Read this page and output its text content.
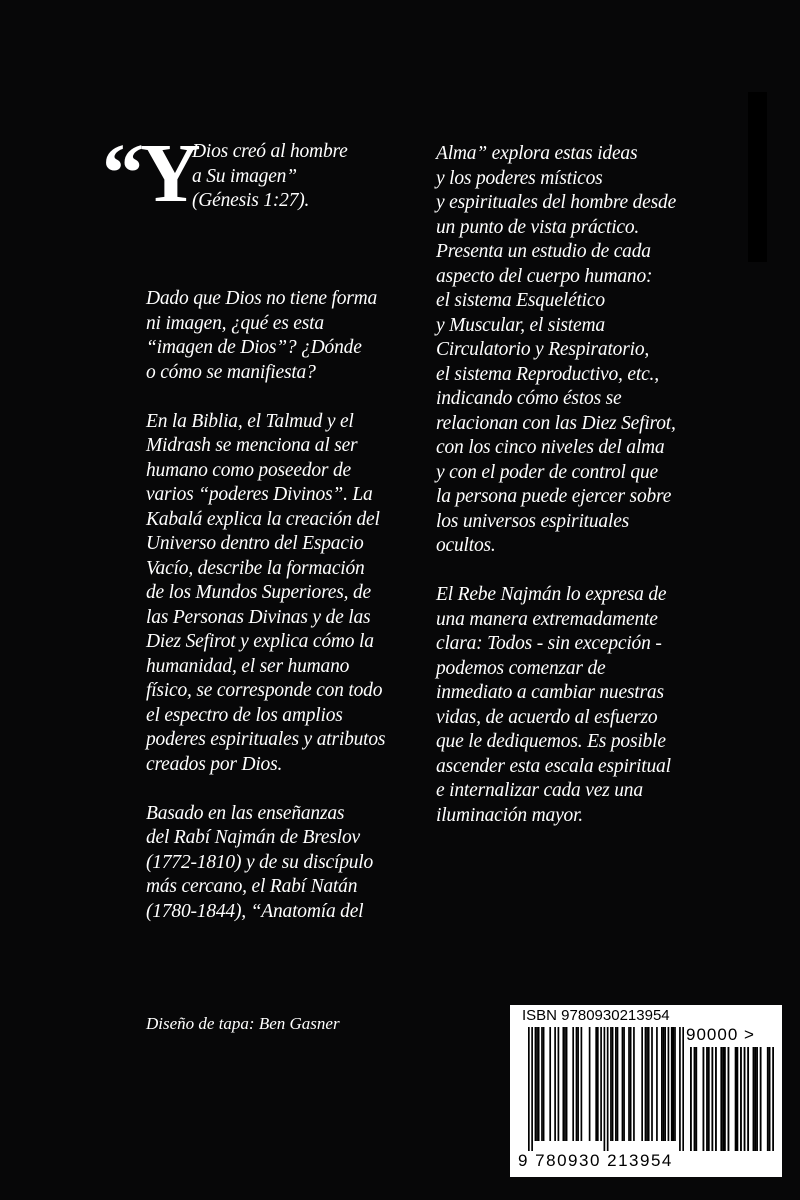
“Y
Dios creó al hombre
a Su imagen”
(Génesis 1:27).
Dado que Dios no tiene forma
ni imagen, ¿qué es esta
“imagen de Dios”? ¿Dónde
o cómo se manifiesta?
En la Biblia, el Talmud y el
Midrash se menciona al ser
humano como poseedor de
varios “poderes Divinos”. La
Kabalá explica la creación del
Universo dentro del Espacio
Vacío, describe la formación
de los Mundos Superiores, de
las Personas Divinas y de las
Diez Sefirot y explica cómo la
humanidad, el ser humano
físico, se corresponde con todo
el espectro de los amplios
poderes espirituales y atributos
creados por Dios.
Basado en las enseñanzas
del Rabí Najmán de Breslov
(1772-1810) y de su discípulo
más cercano, el Rabí Natán
(1780-1844), “Anatomía del
Alma” explora estas ideas
y los poderes místicos
y espirituales del hombre desde
un punto de vista práctico.
Presenta un estudio de cada
aspecto del cuerpo humano:
el sistema Esquelético
y Muscular, el sistema
Circulatorio y Respiratorio,
el sistema Reproductivo, etc.,
indicando cómo éstos se
relacionan con las Diez Sefirot,
con los cinco niveles del alma
y con el poder de control que
la persona puede ejercer sobre
los universos espirituales
ocultos.
El Rebe Najmán lo expresa de
una manera extremadamente
clara: Todos - sin excepción -
podemos comenzar de
inmediato a cambiar nuestras
vidas, de acuerdo al esfuerzo
que le dediquemos. Es posible
ascender esta escala espiritual
e internalizar cada vez una
iluminación mayor.
Diseño de tapa: Ben Gasner	ISBN 9780930213954
90000 >
9 780930 213954
